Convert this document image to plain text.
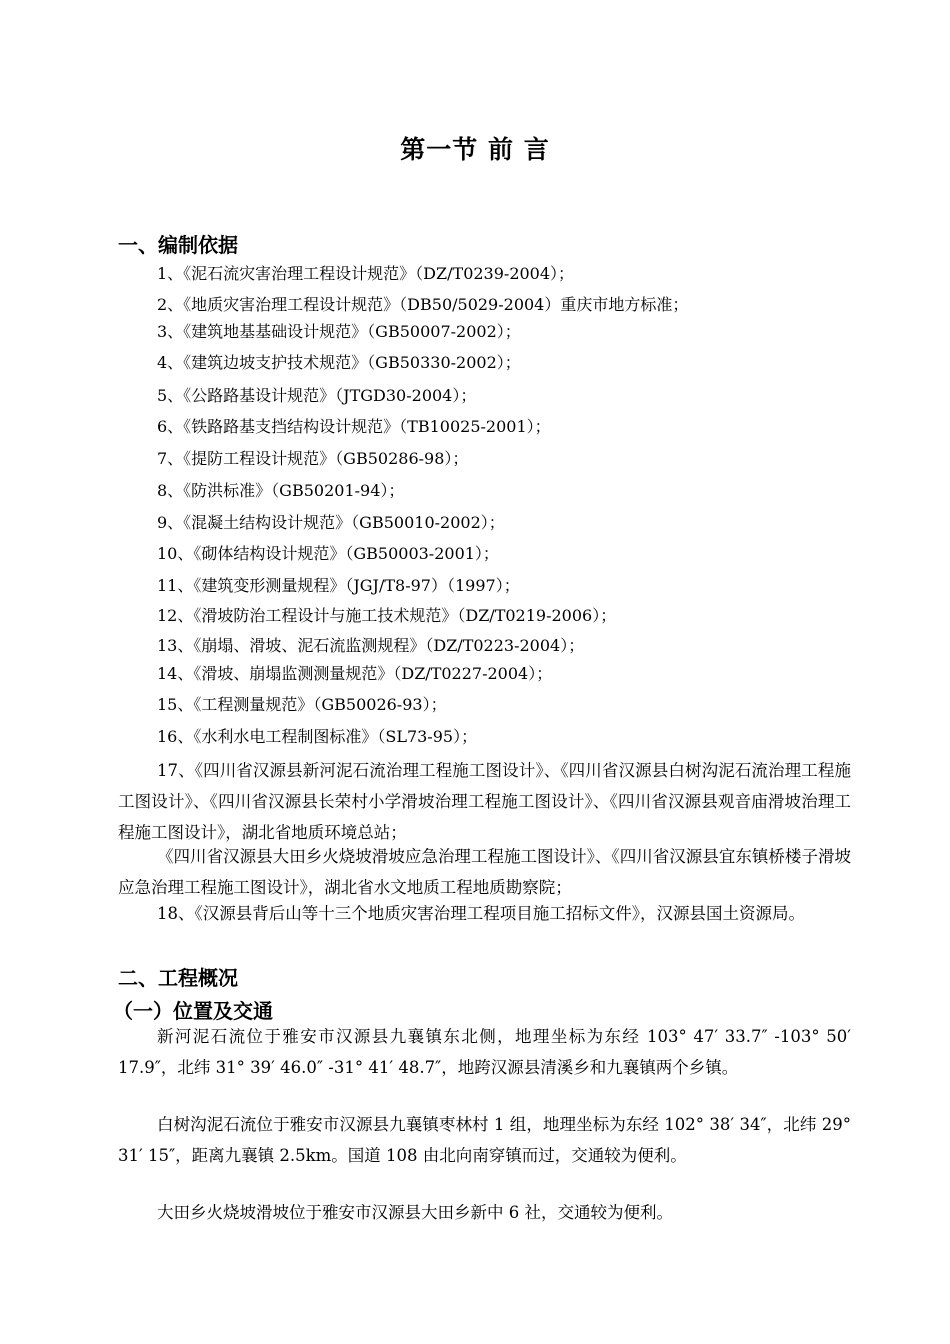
第一节 前 言
一、编制依据
1、《泥石流灾害治理工程设计规范》（DZ/T0239-2004）；
2、《地质灾害治理工程设计规范》（DB50/5029-2004）重庆市地方标准；
3、《建筑地基基础设计规范》（GB50007-2002）；
4、《建筑边坡支护技术规范》（GB50330-2002）；
5、《公路路基设计规范》（JTGD30-2004）；
6、《铁路路基支挡结构设计规范》（TB10025-2001）；
7、《提防工程设计规范》（GB50286-98）；
8、《防洪标准》（GB50201-94）；
9、《混凝土结构设计规范》（GB50010-2002）；
10、《砌体结构设计规范》（GB50003-2001）；
11、《建筑变形测量规程》（JGJ/T8-97）（1997）；
12、《滑坡防治工程设计与施工技术规范》（DZ/T0219-2006）；
13、《崩塌、滑坡、泥石流监测规程》（DZ/T0223-2004）；
14、《滑坡、崩塌监测测量规范》（DZ/T0227-2004）；
15、《工程测量规范》（GB50026-93）；
16、《水利水电工程制图标准》（SL73-95）；
17、《四川省汉源县新河泥石流治理工程施工图设计》、《四川省汉源县白树沟泥石流治理工程施工图设计》、《四川省汉源县长荣村小学滑坡治理工程施工图设计》、《四川省汉源县观音庙滑坡治理工程施工图设计》，湖北省地质环境总站；
《四川省汉源县大田乡火烧坡滑坡应急治理工程施工图设计》、《四川省汉源县宜东镇桥楼子滑坡应急治理工程施工图设计》，湖北省水文地质工程地质勘察院；
18、《汉源县背后山等十三个地质灾害治理工程项目施工招标文件》，汉源县国土资源局。
二、工程概况
（一）位置及交通
新河泥石流位于雅安市汉源县九襄镇东北侧，地理坐标为东经 103° 47′ 33.7″ -103° 50′ 17.9″，北纬 31° 39′ 46.0″ -31° 41′ 48.7″，地跨汉源县清溪乡和九襄镇两个乡镇。
白树沟泥石流位于雅安市汉源县九襄镇枣林村 1 组，地理坐标为东经 102° 38′ 34″，北纬 29° 31′ 15″，距离九襄镇 2.5km。国道 108 由北向南穿镇而过，交通较为便利。
大田乡火烧坡滑坡位于雅安市汉源县大田乡新中 6 社，交通较为便利。
